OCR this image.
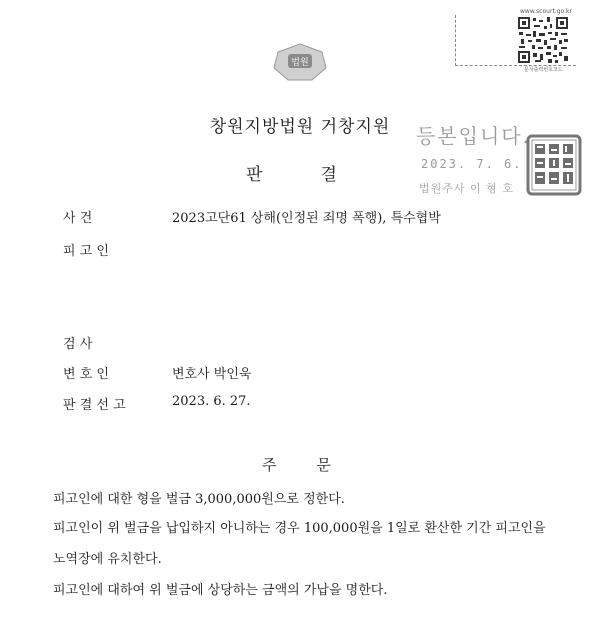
법원
www.scourt.go.kr
문서출력번호코드
창원지방법원 거창지원	등본입니다.
2023. 7. 6.
법원주사 이 형 호
판	결
사 건	2023고단61 상해(인정된 죄명 폭행), 특수협박
피 고 인
검 사
변 호 인	변호사 박인욱
판 결 선 고	2023. 6. 27.
주	문
피고인에 대한 형을 벌금 3,000,000원으로 정한다.
피고인이 위 벌금을 납입하지 아니하는 경우 100,000원을 1일로 환산한 기간 피고인을
노역장에 유치한다.
피고인에 대하여 위 벌금에 상당하는 금액의 가납을 명한다.
